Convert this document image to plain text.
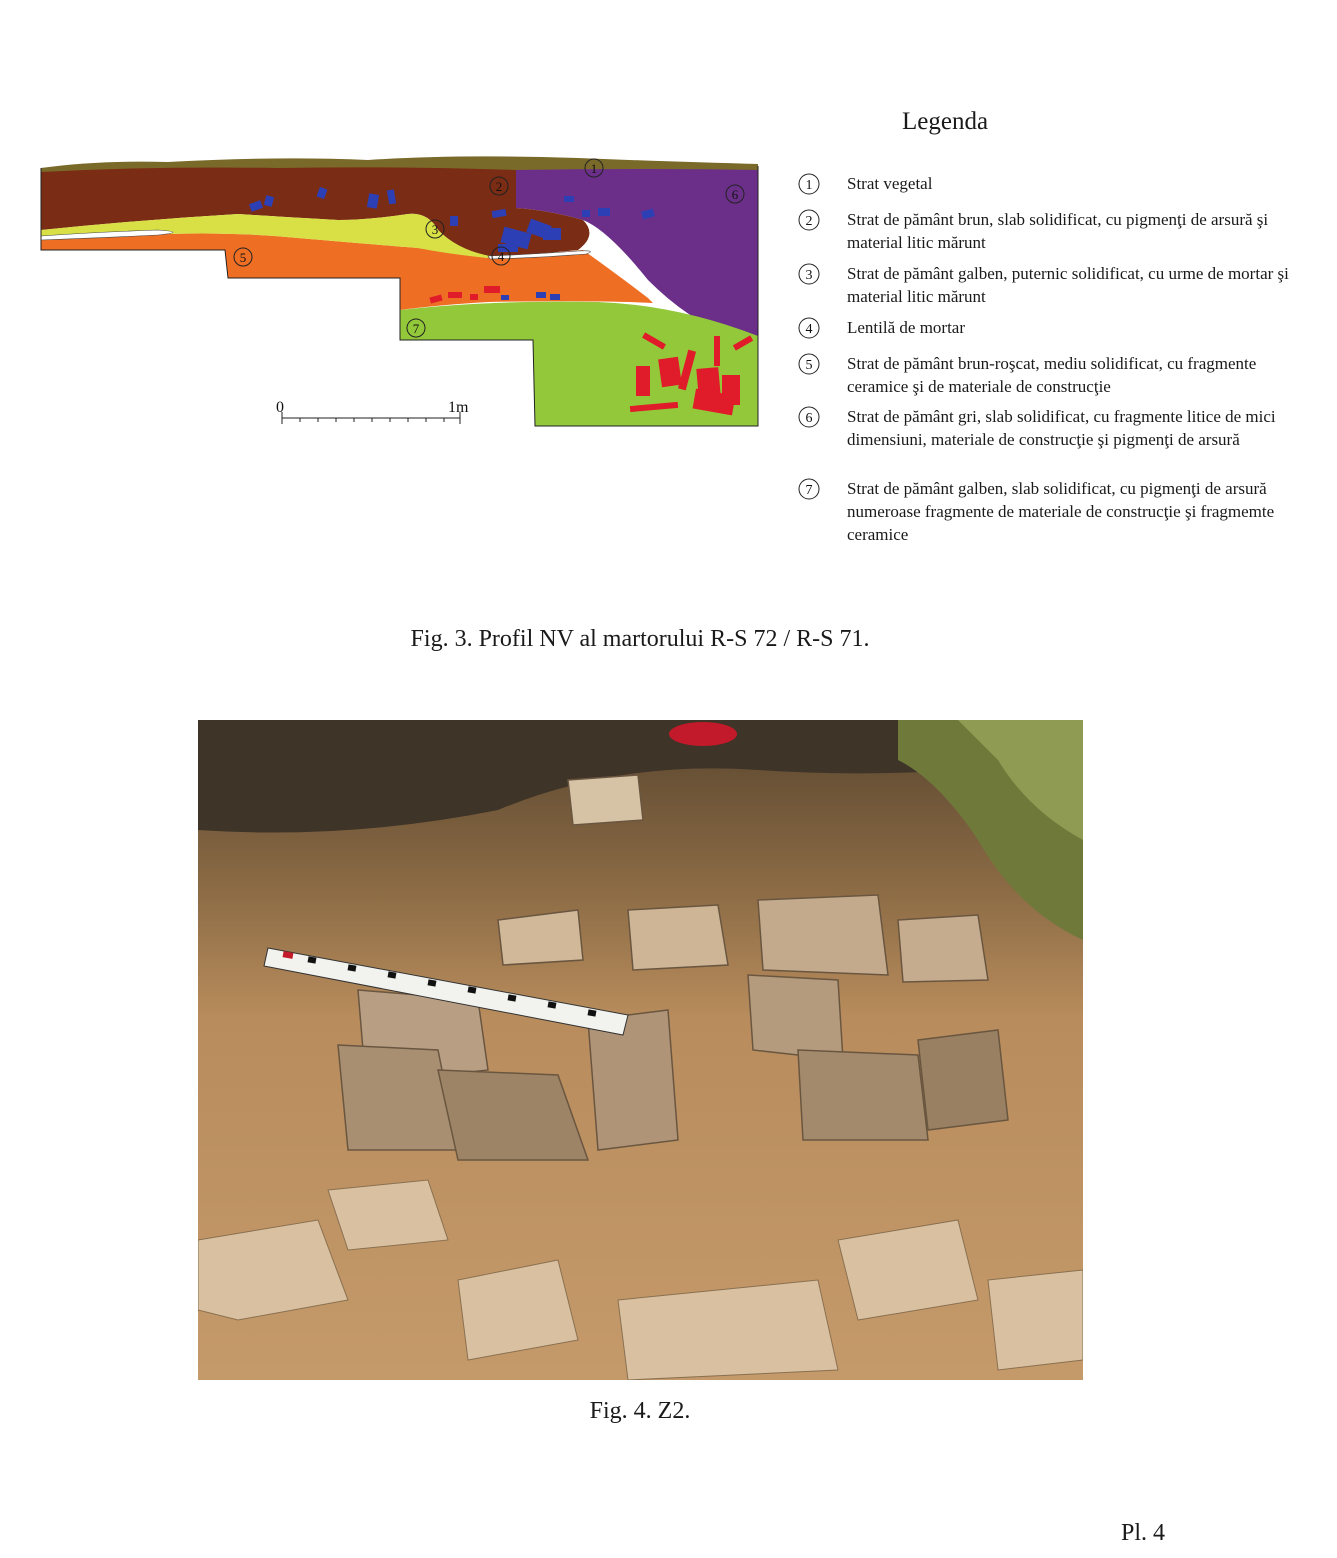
1
2
3
4
5
6
7
0	1m
Legenda
1 Strat vegetal
2 Strat de pământ brun, slab solidificat, cu pigmenţi de arsură şi material litic mărunt
3 Strat de pământ galben, puternic solidificat, cu urme de mortar şi material litic mărunt
4 Lentilă de mortar
5 Strat de pământ brun-roşcat, mediu solidificat, cu fragmente ceramice şi de materiale de construcţie
6 Strat de pământ gri, slab solidificat, cu fragmente litice de mici dimensiuni, materiale de construcţie şi pigmenţi de arsură
7 Strat de pământ galben, slab solidificat, cu pigmenţi de arsură numeroase fragmente de materiale de construcţie şi fragmemte ceramice
Fig. 3. Profil NV al martorului R-S 72 / R-S 71.
Fig. 4. Z2.
Pl. 4
